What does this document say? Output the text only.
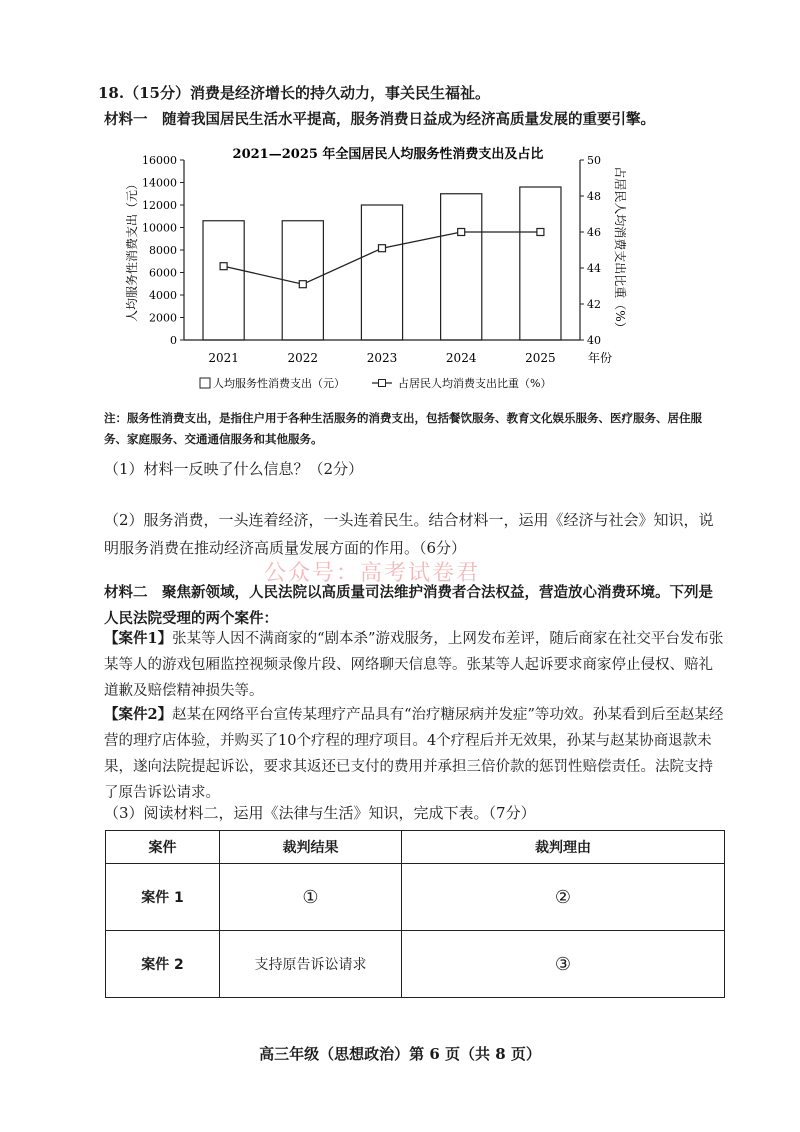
18.（15分）消费是经济增长的持久动力，事关民生福祉。
材料一　随着我国居民生活水平提高，服务消费日益成为经济高质量发展的重要引擎。
2021—2025 年全国居民人均服务性消费支出及占比
0
2000
4000
6000
8000
10000
12000
14000
16000
40
42
44
46
48
50
2021	2022	2023	2024	2025	年份
人均服务性消费支出（元）	占居民人均消费支出比重（%）
人均服务性消费支出（元）	占居民人均消费支出比重（%）
注：服务性消费支出，是指住户用于各种生活服务的消费支出，包括餐饮服务、教育文化娱乐服务、医疗服务、居住服务、家庭服务、交通通信服务和其他服务。
（1）材料一反映了什么信息？（2分）
（2）服务消费，一头连着经济，一头连着民生。结合材料一，运用《经济与社会》知识，说明服务消费在推动经济高质量发展方面的作用。（6分）
公众号：高考试卷君
材料二　聚焦新领域，人民法院以高质量司法维护消费者合法权益，营造放心消费环境。下列是人民法院受理的两个案件：
【案件1】张某等人因不满商家的“剧本杀”游戏服务，上网发布差评，随后商家在社交平台发布张某等人的游戏包厢监控视频录像片段、网络聊天信息等。张某等人起诉要求商家停止侵权、赔礼道歉及赔偿精神损失等。
【案件2】赵某在网络平台宣传某理疗产品具有“治疗糖尿病并发症”等功效。孙某看到后至赵某经营的理疗店体验，并购买了10个疗程的理疗项目。4个疗程后并无效果，孙某与赵某协商退款未果，遂向法院提起诉讼，要求其返还已支付的费用并承担三倍价款的惩罚性赔偿责任。法院支持了原告诉讼请求。
（3）阅读材料二，运用《法律与生活》知识，完成下表。（7分）
案件	裁判结果	裁判理由
案件 1	①	②
案件 2	支持原告诉讼请求	③
高三年级（思想政治）第 6 页（共 8 页）
